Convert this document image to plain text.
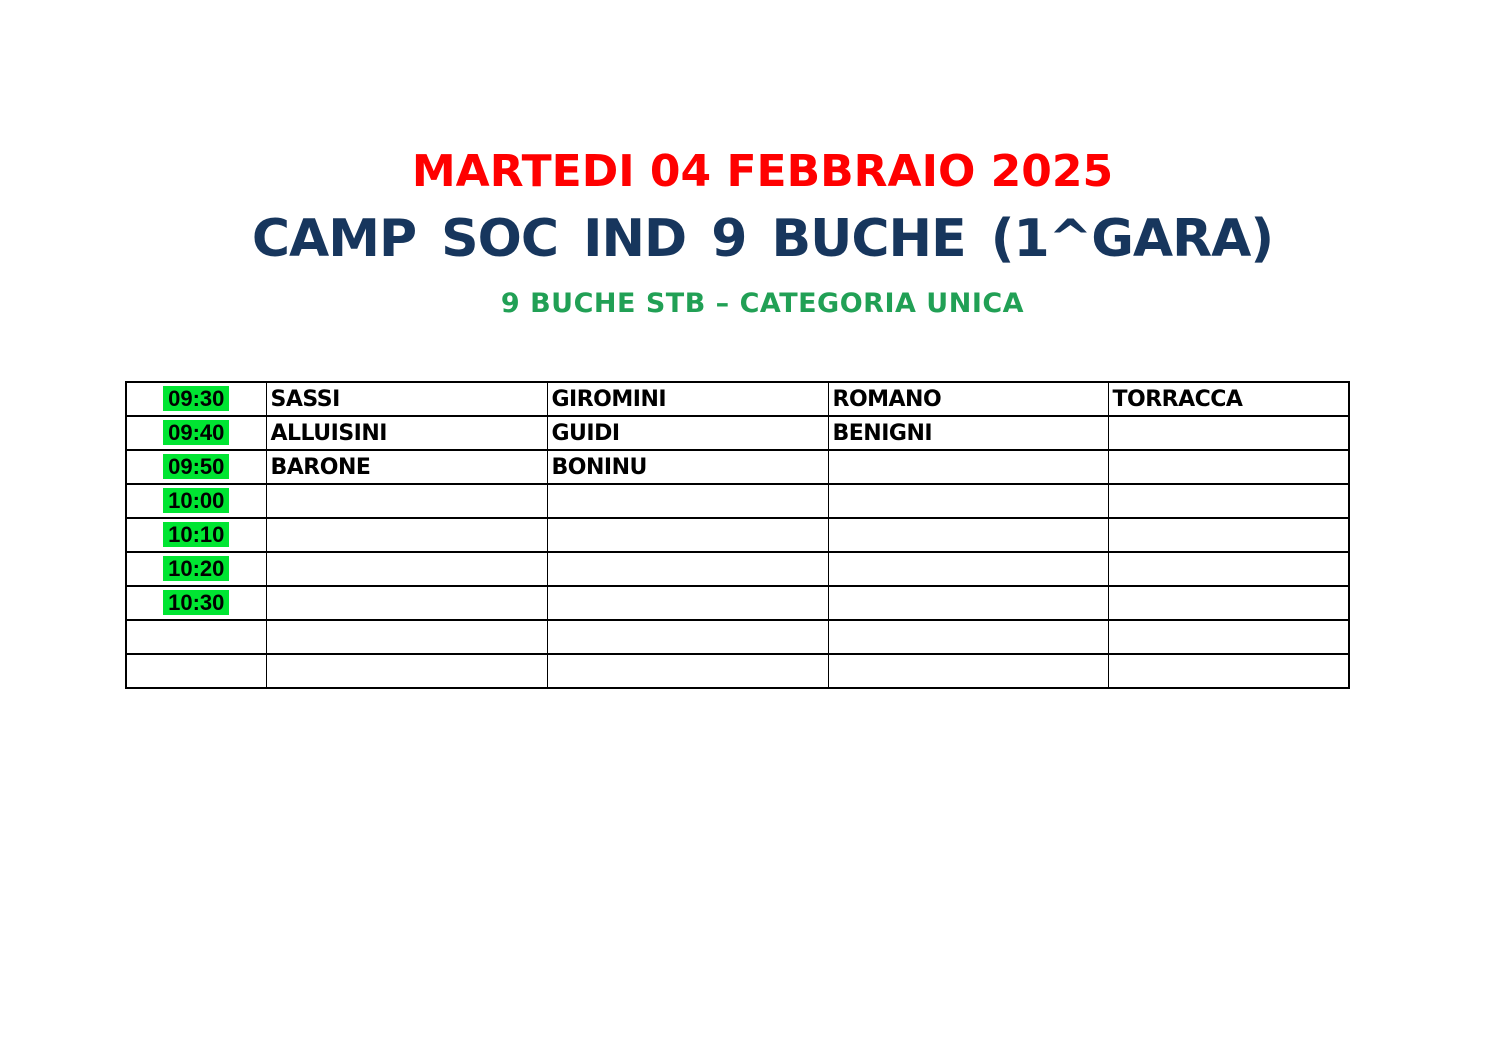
MARTEDI 04 FEBBRAIO 2025
CAMP SOC IND 9 BUCHE (1^GARA)
9 BUCHE STB – CATEGORIA UNICA
09:30	SASSI	GIROMINI	ROMANO	TORRACCA
09:40	ALLUISINI	GUIDI	BENIGNI	
09:50	BARONE	BONINU		
10:00				
10:10				
10:20				
10:30				
